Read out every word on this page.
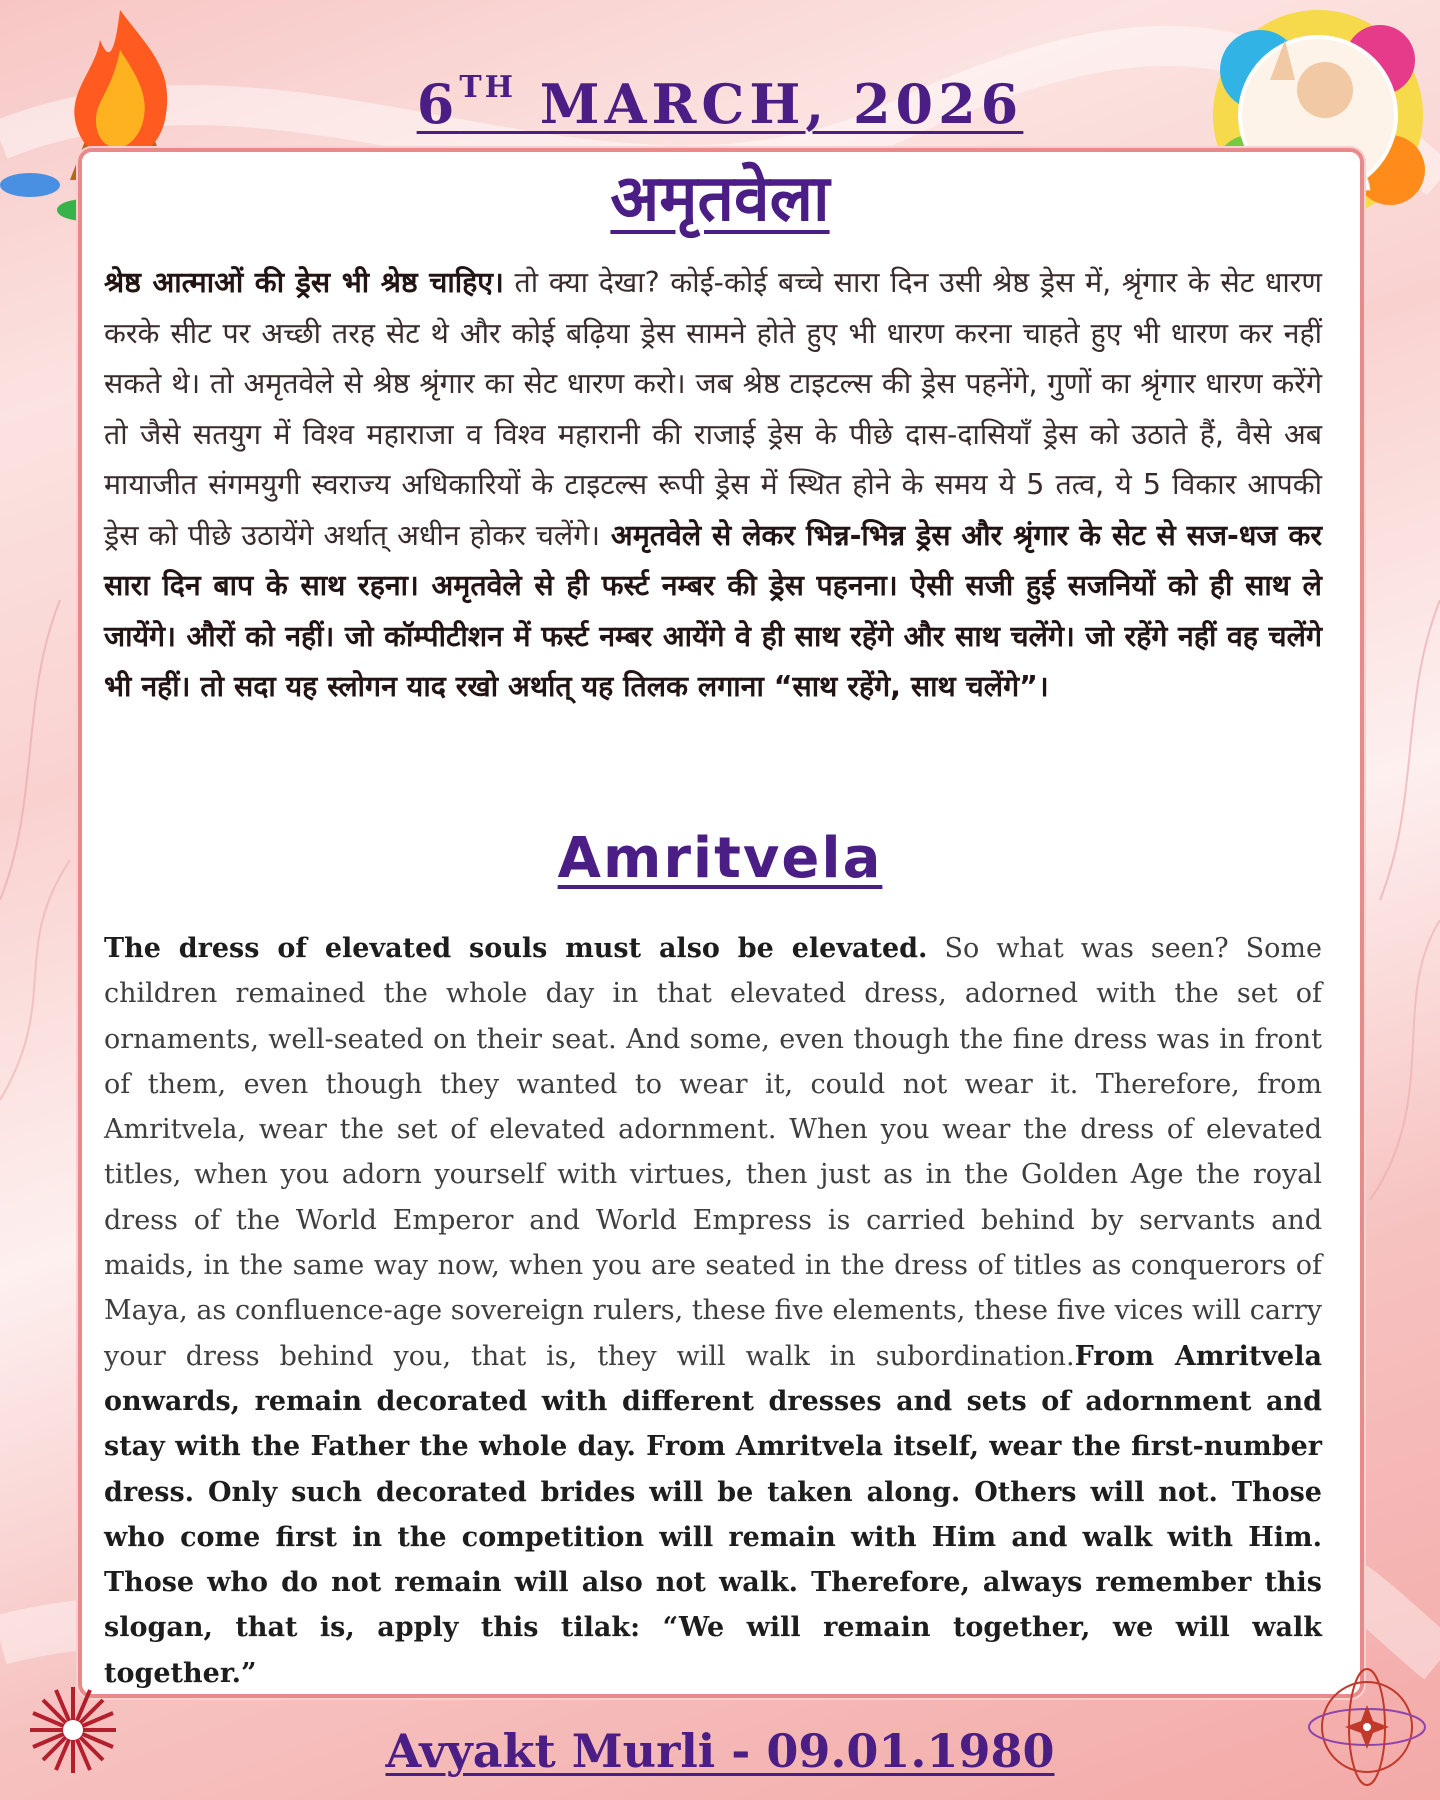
6TH MARCH, 2026
अमृतवेला
श्रेष्ठ आत्माओं की ड्रेस भी श्रेष्ठ चाहिए। तो क्या देखा? कोई-कोई बच्चे सारा दिन उसी श्रेष्ठ ड्रेस में, श्रृंगार के सेट धारण करके सीट पर अच्छी तरह सेट थे और कोई बढ़िया ड्रेस सामने होते हुए भी धारण करना चाहते हुए भी धारण कर नहीं सकते थे। तो अमृतवेले से श्रेष्ठ श्रृंगार का सेट धारण करो। जब श्रेष्ठ टाइटल्स की ड्रेस पहनेंगे, गुणों का श्रृंगार धारण करेंगे तो जैसे सतयुग में विश्व महाराजा व विश्व महारानी की राजाई ड्रेस के पीछे दास-दासियाँ ड्रेस को उठाते हैं, वैसे अब मायाजीत संगमयुगी स्वराज्य अधिकारियों के टाइटल्स रूपी ड्रेस में स्थित होने के समय ये 5 तत्व, ये 5 विकार आपकी ड्रेस को पीछे उठायेंगे अर्थात् अधीन होकर चलेंगे। अमृतवेले से लेकर भिन्न-भिन्न ड्रेस और श्रृंगार के सेट से सज-धज कर सारा दिन बाप के साथ रहना। अमृतवेले से ही फर्स्ट नम्बर की ड्रेस पहनना। ऐसी सजी हुई सजनियों को ही साथ ले जायेंगे। औरों को नहीं। जो कॉम्पीटीशन में फर्स्ट नम्बर आयेंगे वे ही साथ रहेंगे और साथ चलेंगे। जो रहेंगे नहीं वह चलेंगे भी नहीं। तो सदा यह स्लोगन याद रखो अर्थात् यह तिलक लगाना “साथ रहेंगे, साथ चलेंगे”।
Amritvela
The dress of elevated souls must also be elevated. So what was seen? Some children remained the whole day in that elevated dress, adorned with the set of ornaments, well-seated on their seat. And some, even though the fine dress was in front of them, even though they wanted to wear it, could not wear it. Therefore, from Amritvela, wear the set of elevated adornment. When you wear the dress of elevated titles, when you adorn yourself with virtues, then just as in the Golden Age the royal dress of the World Emperor and World Empress is carried behind by servants and maids, in the same way now, when you are seated in the dress of titles as conquerors of Maya, as confluence-age sovereign rulers, these five elements, these five vices will carry your dress behind you, that is, they will walk in subordination.From Amritvela onwards, remain decorated with different dresses and sets of adornment and stay with the Father the whole day. From Amritvela itself, wear the first-number dress. Only such decorated brides will be taken along. Others will not. Those who come first in the competition will remain with Him and walk with Him. Those who do not remain will also not walk. Therefore, always remember this slogan, that is, apply this tilak: “We will remain together, we will walk together.”
Avyakt Murli - 09.01.1980
